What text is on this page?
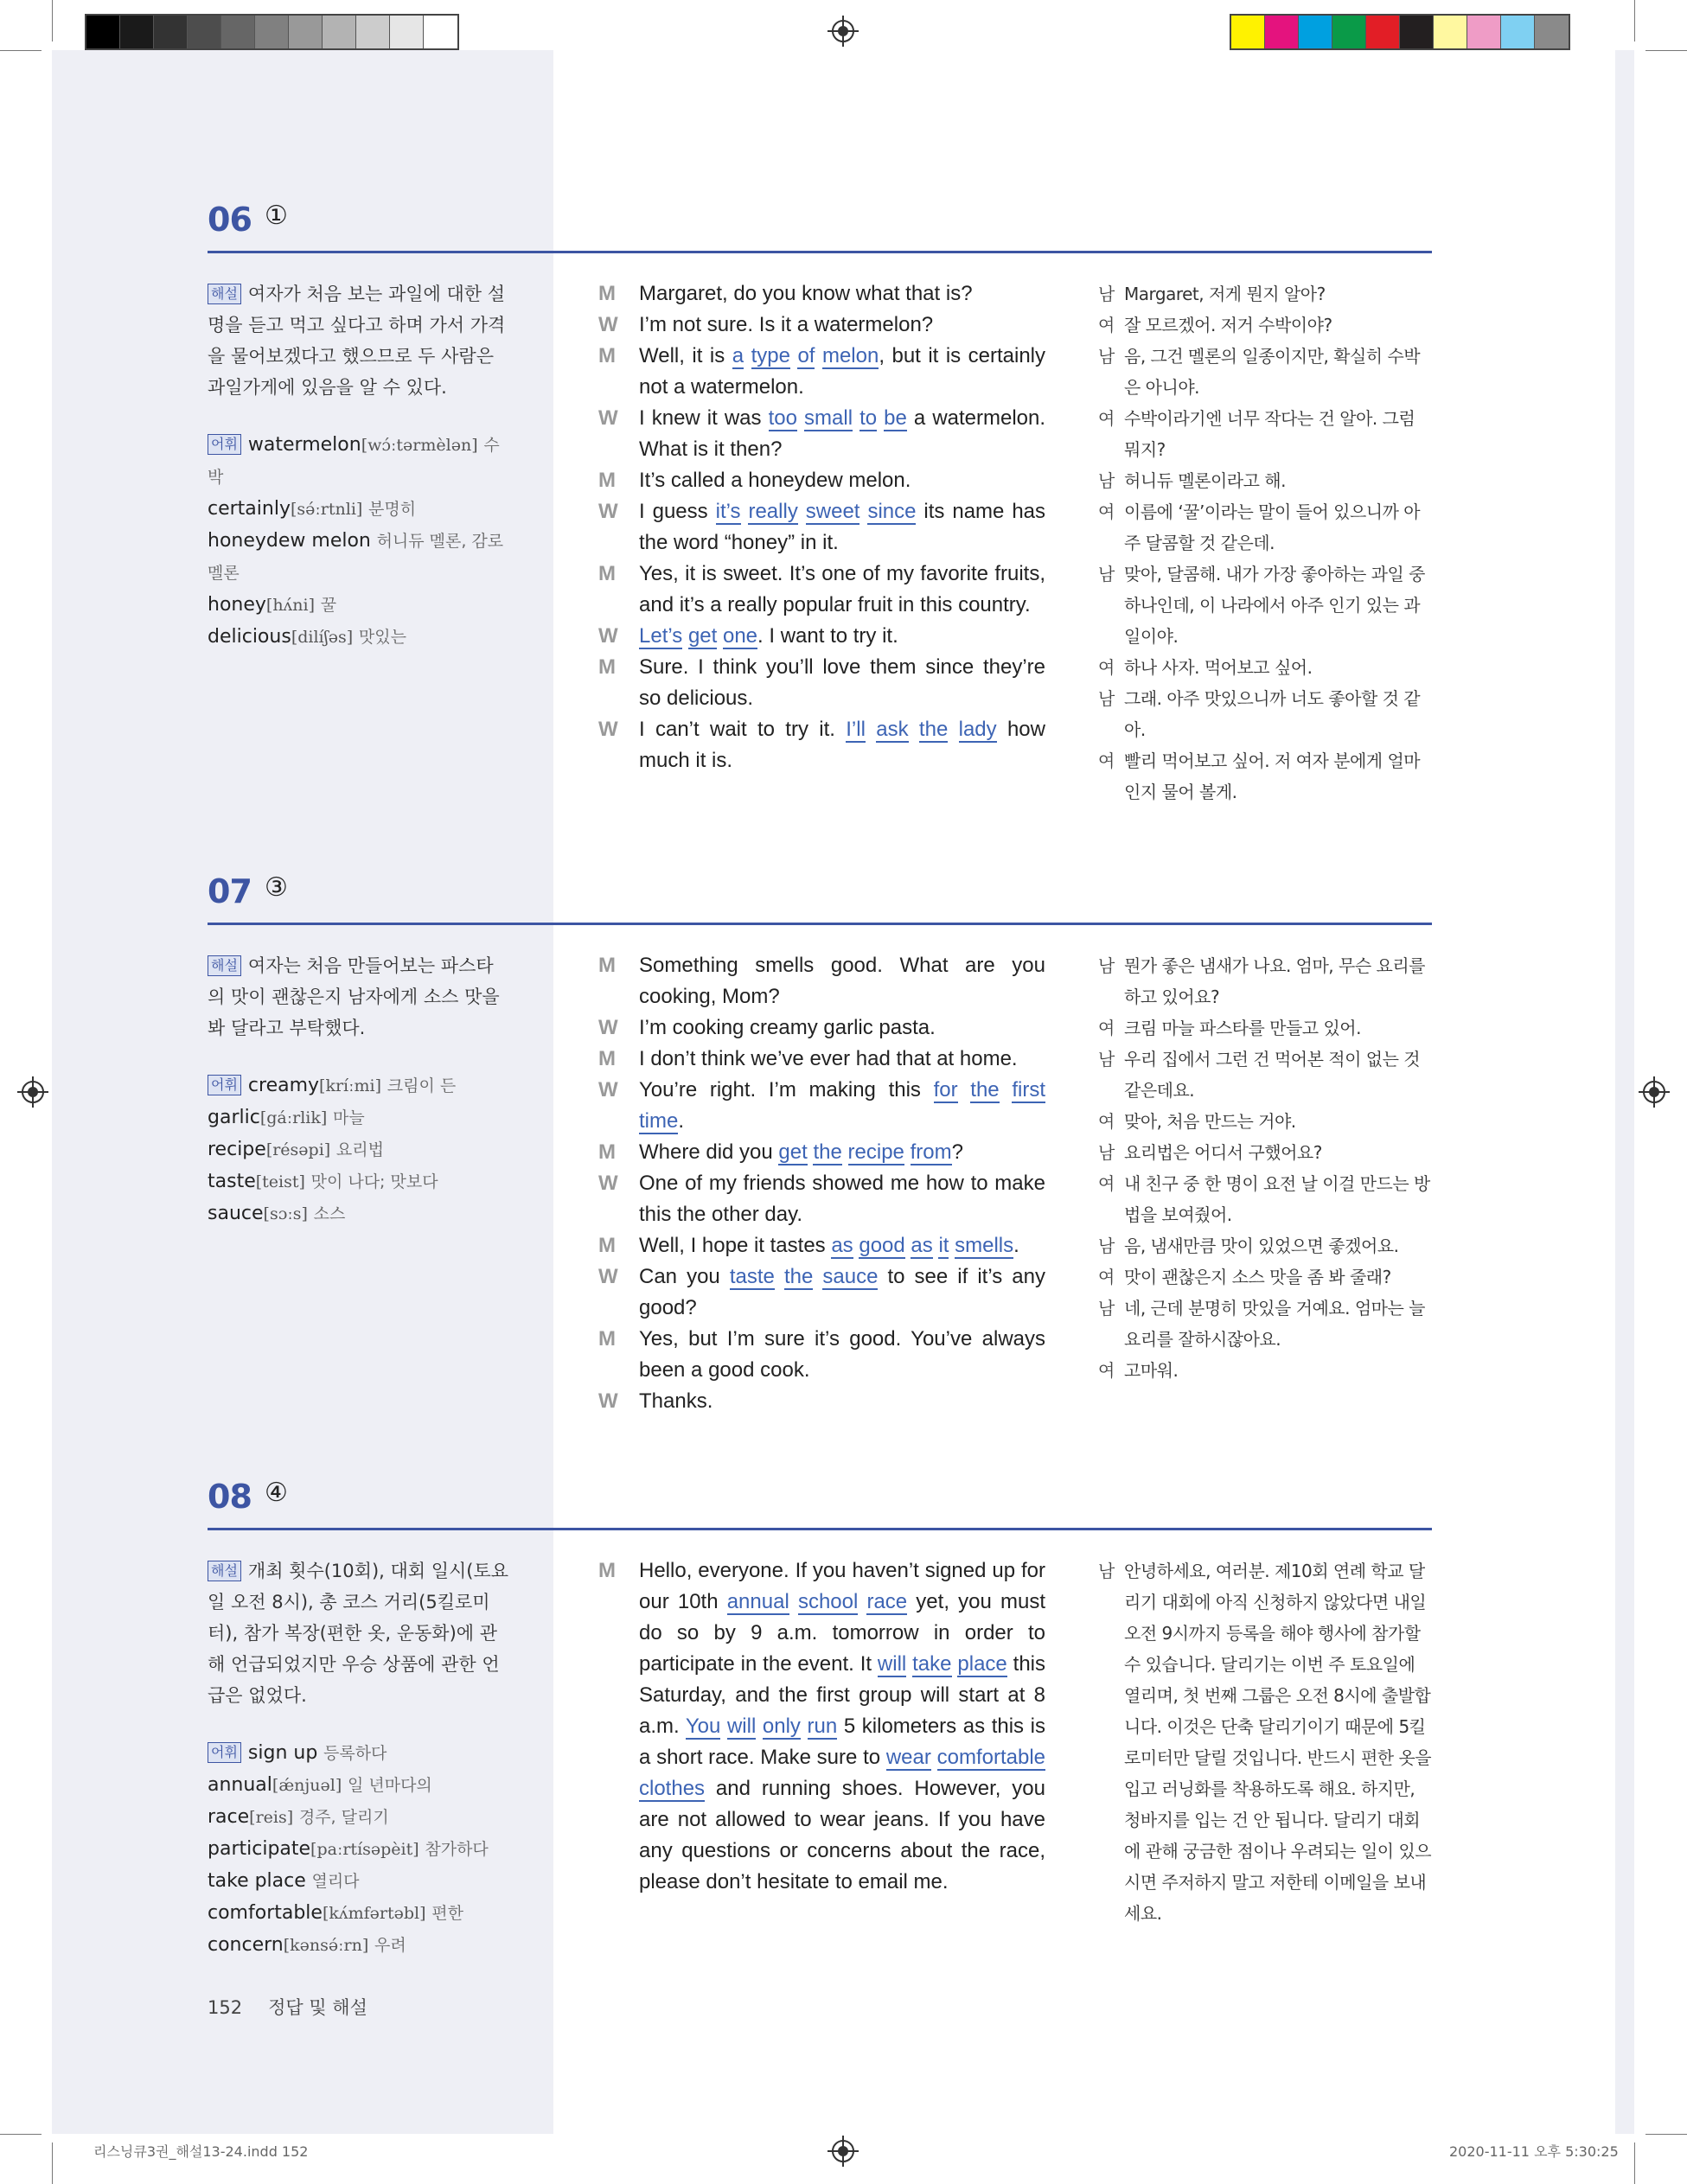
06 ①
해설 여자가 처음 보는 과일에 대한 설명을 듣고 먹고 싶다고 하며 가서 가격을 물어보겠다고 했으므로 두 사람은 과일가게에 있음을 알 수 있다.
어휘 watermelon[wɔ́ːtərmèlən] 수박
certainly[sə́ːrtnli] 분명히
honeydew melon 허니듀 멜론, 감로 멜론
honey[hʌ́ni] 꿀
delicious[dilíʃəs] 맛있는
M	Margaret, do you know what that is?
W	I’m not sure. Is it a watermelon?
M	Well, it is a type of melon, but it is certainly not a watermelon.
W	I knew it was too small to be a watermelon. What is it then?
M	It’s called a honeydew melon.
W	I guess it’s really sweet since its name has the word “honey” in it.
M	Yes, it is sweet. It’s one of my favorite fruits, and it’s a really popular fruit in this country.
W	Let’s get one. I want to try it.
M	Sure. I think you’ll love them since they’re so delicious.
W	I can’t wait to try it. I’ll ask the lady how much it is.
남 Margaret, 저게 뭔지 알아?
여 잘 모르겠어. 저거 수박이야?
남 음, 그건 멜론의 일종이지만, 확실히 수박은 아니야.
여 수박이라기엔 너무 작다는 건 알아. 그럼 뭐지?
남 허니듀 멜론이라고 해.
여 이름에 ‘꿀’이라는 말이 들어 있으니까 아주 달콤할 것 같은데.
남 맞아, 달콤해. 내가 가장 좋아하는 과일 중 하나인데, 이 나라에서 아주 인기 있는 과일이야.
여 하나 사자. 먹어보고 싶어.
남 그래. 아주 맛있으니까 너도 좋아할 것 같아.
여 빨리 먹어보고 싶어. 저 여자 분에게 얼마인지 물어 볼게.
07 ③
해설 여자는 처음 만들어보는 파스타의 맛이 괜찮은지 남자에게 소스 맛을 봐 달라고 부탁했다.
어휘 creamy[kríːmi] 크림이 든
garlic[gáːrlik] 마늘
recipe[résəpi] 요리법
taste[teist] 맛이 나다; 맛보다
sauce[sɔːs] 소스
M	Something smells good. What are you cooking, Mom?
W	I’m cooking creamy garlic pasta.
M	I don’t think we’ve ever had that at home.
W	You’re right. I’m making this for the first time.
M	Where did you get the recipe from?
W	One of my friends showed me how to make this the other day.
M	Well, I hope it tastes as good as it smells.
W	Can you taste the sauce to see if it’s any good?
M	Yes, but I’m sure it’s good. You’ve always been a good cook.
W	Thanks.
남 뭔가 좋은 냄새가 나요. 엄마, 무슨 요리를 하고 있어요?
여 크림 마늘 파스타를 만들고 있어.
남 우리 집에서 그런 건 먹어본 적이 없는 것 같은데요.
여 맞아, 처음 만드는 거야.
남 요리법은 어디서 구했어요?
여 내 친구 중 한 명이 요전 날 이걸 만드는 방법을 보여줬어.
남 음, 냄새만큼 맛이 있었으면 좋겠어요.
여 맛이 괜찮은지 소스 맛을 좀 봐 줄래?
남 네, 근데 분명히 맛있을 거예요. 엄마는 늘 요리를 잘하시잖아요.
여 고마워.
08 ④
해설 개최 횟수(10회), 대회 일시(토요일 오전 8시), 총 코스 거리(5킬로미터), 참가 복장(편한 옷, 운동화)에 관해 언급되었지만 우승 상품에 관한 언급은 없었다.
어휘 sign up 등록하다
annual[ǽnjuəl] 일 년마다의
race[reis] 경주, 달리기
participate[paːrtísəpèit] 참가하다
take place 열리다
comfortable[kʌ́mfərtəbl] 편한
concern[kənsə́ːrn] 우려
M	Hello, everyone. If you haven’t signed up for our 10th annual school race yet, you must do so by 9 a.m. tomorrow in order to participate in the event. It will take place this Saturday, and the first group will start at 8 a.m. You will only run 5 kilometers as this is a short race. Make sure to wear comfortable clothes and running shoes. However, you are not allowed to wear jeans. If you have any questions or concerns about the race, please don’t hesitate to email me.
남 안녕하세요, 여러분. 제10회 연례 학교 달리기 대회에 아직 신청하지 않았다면 내일 오전 9시까지 등록을 해야 행사에 참가할 수 있습니다. 달리기는 이번 주 토요일에 열리며, 첫 번째 그룹은 오전 8시에 출발합니다. 이것은 단축 달리기이기 때문에 5킬로미터만 달릴 것입니다. 반드시 편한 옷을 입고 러닝화를 착용하도록 해요. 하지만, 청바지를 입는 건 안 됩니다. 달리기 대회에 관해 궁금한 점이나 우려되는 일이 있으시면 주저하지 말고 저한테 이메일을 보내세요.
152 정답 및 해설
리스닝큐3권_해설13-24.indd 152	2020-11-11 오후 5:30:25
